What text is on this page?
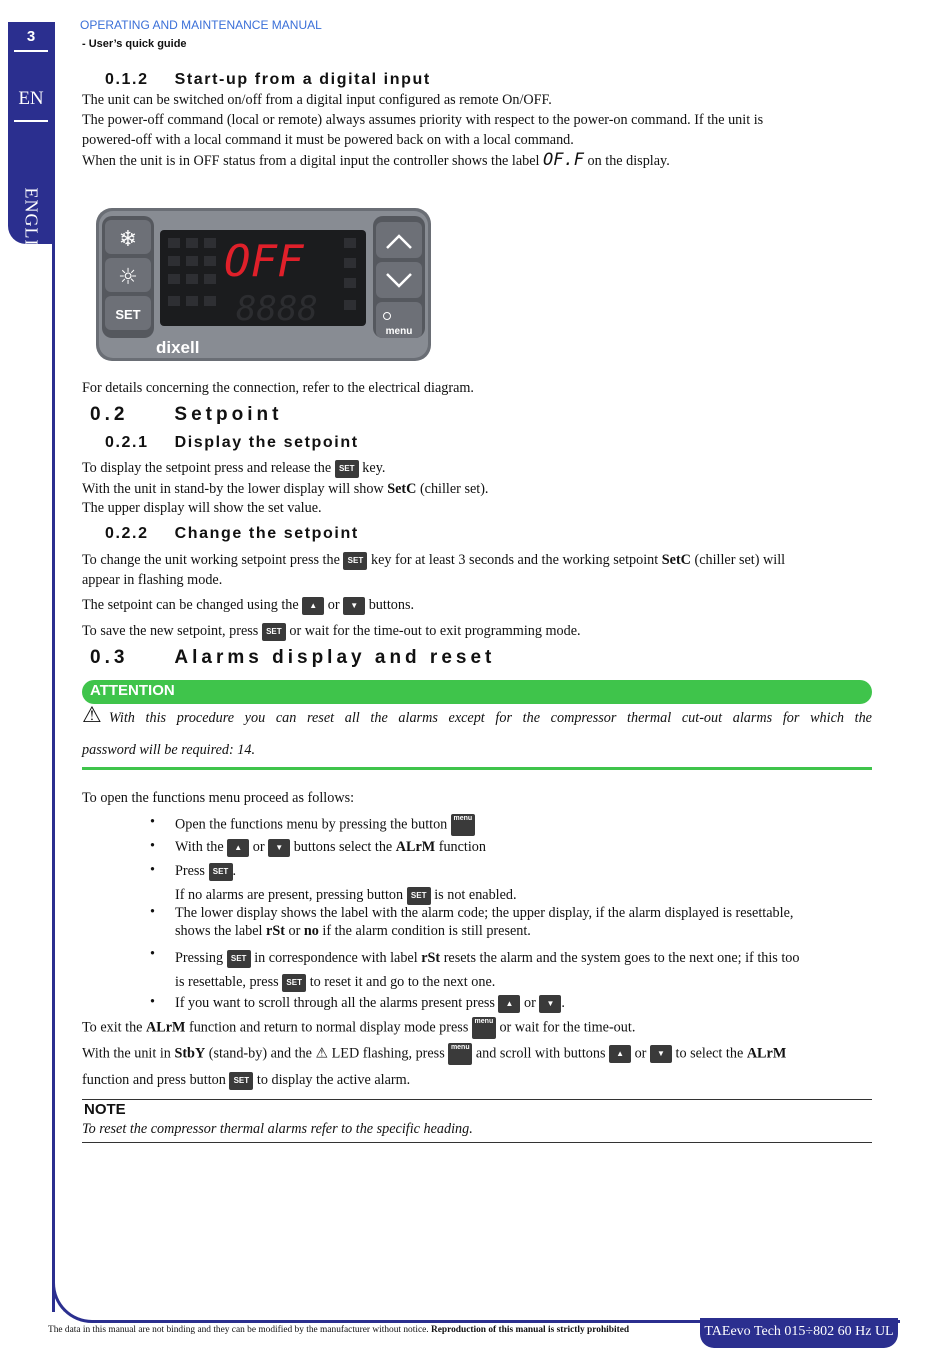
3
EN
ENGLISH
OPERATING AND MAINTENANCE MANUAL
- User’s quick guide
0.1.2 Start-up from a digital input
The unit can be switched on/off from a digital input configured as remote On/OFF.
The power-off command (local or remote) always assumes priority with respect to the power-on command. If the unit is
powered-off with a local command it must be powered back on with a local command.
When the unit is in OFF status from a digital input the controller shows the label OF.F on the display.
❄
☼
SET
menu
OFF
8888
dixell
For details concerning the connection, refer to the electrical diagram.
0.2 Setpoint
0.2.1 Display the setpoint
To display the setpoint press and release the SET key.
With the unit in stand-by the lower display will show SetC (chiller set).
The upper display will show the set value.
0.2.2 Change the setpoint
To change the unit working setpoint press the SET key for at least 3 seconds and the working setpoint SetC (chiller set) will
appear in flashing mode.
The setpoint can be changed using the ▲ or ▼ buttons.
To save the new setpoint, press SET or wait for the time-out to exit programming mode.
0.3 Alarms display and reset
ATTENTION
⚠With this procedure you can reset all the alarms except for the compressor thermal cut-out alarms for which the
password will be required: 14.
To open the functions menu proceed as follows:
• Open the functions menu by pressing the button menu
• With the ▲ or ▼ buttons select the ALrM function
• Press SET .
If no alarms are present, pressing button SET is not enabled.
• The lower display shows the label with the alarm code; the upper display, if the alarm displayed is resettable,
shows the label rSt or no if the alarm condition is still present.
• Pressing SET in correspondence with label rSt resets the alarm and the system goes to the next one; if this too
is resettable, press SET to reset it and go to the next one.
• If you want to scroll through all the alarms present press ▲ or ▼ .
To exit the ALrM function and return to normal display mode press menu or wait for the time-out.
With the unit in StbY (stand-by) and the ⚠ LED flashing, press menu and scroll with buttons ▲ or ▼ to select the ALrM
function and press button SET to display the active alarm.
NOTE
To reset the compressor thermal alarms refer to the specific heading.
The data in this manual are not binding and they can be modified by the manufacturer without notice. Reproduction of this manual is strictly prohibited	TAEevo Tech 015÷802 60 Hz UL
